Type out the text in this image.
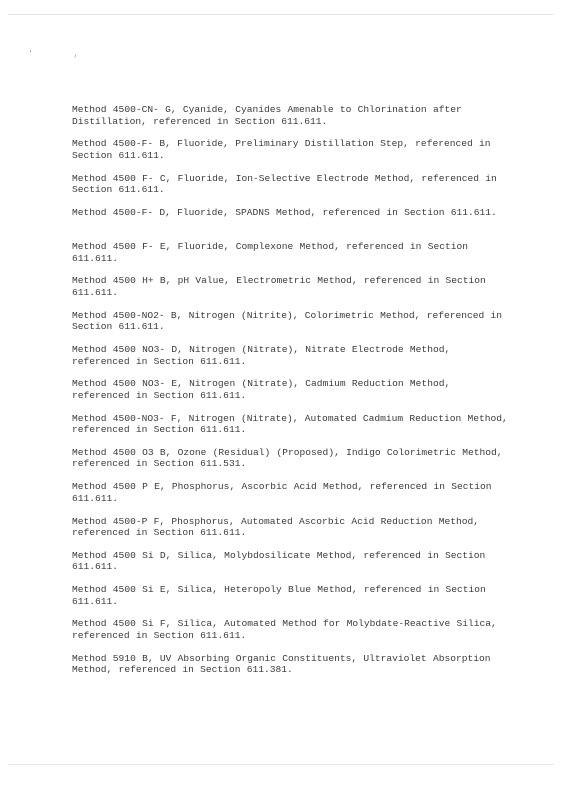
' ,
Method 4500-CN- G, Cyanide, Cyanides Amenable to Chlorination after Distillation, referenced in Section 611.611.
Method 4500-F- B, Fluoride, Preliminary Distillation Step, referenced in Section 611.611.
Method 4500 F- C, Fluoride, Ion-Selective Electrode Method, referenced in Section 611.611.
Method 4500-F- D, Fluoride, SPADNS Method, referenced in Section 611.611.
Method 4500 F- E, Fluoride, Complexone Method, referenced in Section 611.611.
Method 4500 H+ B, pH Value, Electrometric Method, referenced in Section 611.611.
Method 4500-NO2- B, Nitrogen (Nitrite), Colorimetric Method, referenced in Section 611.611.
Method 4500 NO3- D, Nitrogen (Nitrate), Nitrate Electrode Method, referenced in Section 611.611.
Method 4500 NO3- E, Nitrogen (Nitrate), Cadmium Reduction Method, referenced in Section 611.611.
Method 4500-NO3- F, Nitrogen (Nitrate), Automated Cadmium Reduction Method, referenced in Section 611.611.
Method 4500 O3 B, Ozone (Residual) (Proposed), Indigo Colorimetric Method, referenced in Section 611.531.
Method 4500 P E, Phosphorus, Ascorbic Acid Method, referenced in Section 611.611.
Method 4500-P F, Phosphorus, Automated Ascorbic Acid Reduction Method, referenced in Section 611.611.
Method 4500 Si D, Silica, Molybdosilicate Method, referenced in Section 611.611.
Method 4500 Si E, Silica, Heteropoly Blue Method, referenced in Section 611.611.
Method 4500 Si F, Silica, Automated Method for Molybdate-Reactive Silica, referenced in Section 611.611.
Method 5910 B, UV Absorbing Organic Constituents, Ultraviolet Absorption Method, referenced in Section 611.381.
